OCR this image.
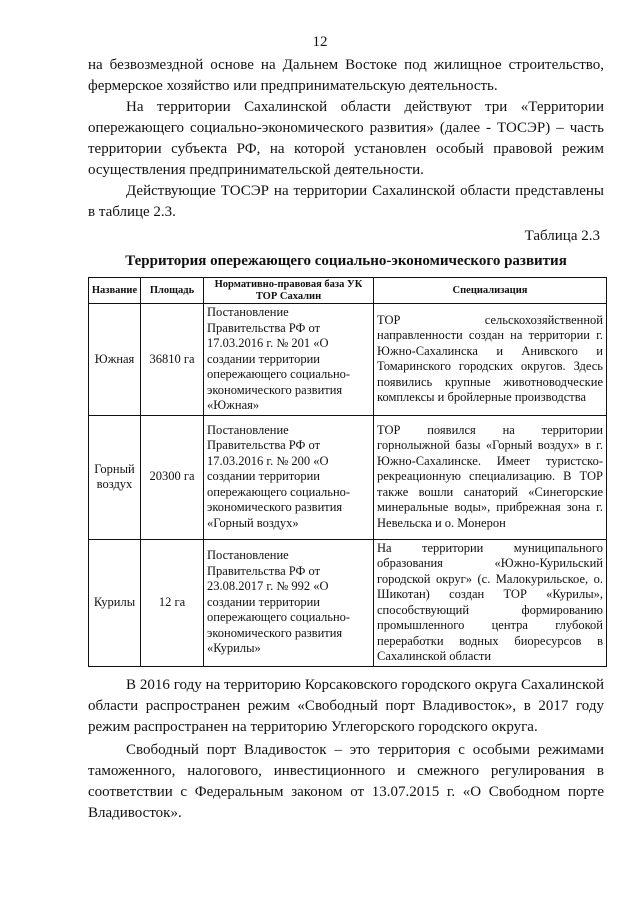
12

на безвозмездной основе на Дальнем Востоке под жилищное строительство, фермерское хозяйство или предпринимательскую деятельность.

На территории Сахалинской области действуют три «Территории опережающего социально-экономического развития» (далее - ТОСЭР) – часть территории субъекта РФ, на которой установлен особый правовой режим осуществления предпринимательской деятельности.

Действующие ТОСЭР на территории Сахалинской области представлены в таблице 2.3.

Таблица 2.3
Территория опережающего социально-экономического развития
Название	Площадь	Нормативно-правовая база УК ТОР Сахалин	Специализация
Южная	36810 га	Постановление Правительства РФ от 17.03.2016 г. № 201 «О создании территории опережающего социально-экономического развития «Южная»	ТОР сельскохозяйственной направленности создан на территории г. Южно-Сахалинска и Анивского и Томаринского городских округов. Здесь появились крупные животноводческие комплексы и бройлерные производства
Горный воздух	20300 га	Постановление Правительства РФ от 17.03.2016 г. № 200 «О создании территории опережающего социально-экономического развития «Горный воздух»	ТОР появился на территории горнолыжной базы «Горный воздух» в г. Южно-Сахалинске. Имеет туристско-рекреационную специализацию. В ТОР также вошли санаторий «Синегорские минеральные воды», прибрежная зона г. Невельска и о. Монерон
Курилы	12 га	Постановление Правительства РФ от 23.08.2017 г. № 992 «О создании территории опережающего социально-экономического развития «Курилы»	На территории муниципального образования «Южно-Курильский городской округ» (с. Малокурильское, о. Шикотан) создан ТОР «Курилы», способствующий формированию промышленного центра глубокой переработки водных биоресурсов в Сахалинской области

В 2016 году на территорию Корсаковского городского округа Сахалинской области распространен режим «Свободный порт Владивосток», в 2017 году режим распространен на территорию Углегорского городского округа.

Свободный порт Владивосток – это территория с особыми режимами таможенного, налогового, инвестиционного и смежного регулирования в соответствии с Федеральным законом от 13.07.2015 г. «О Свободном порте Владивосток».
